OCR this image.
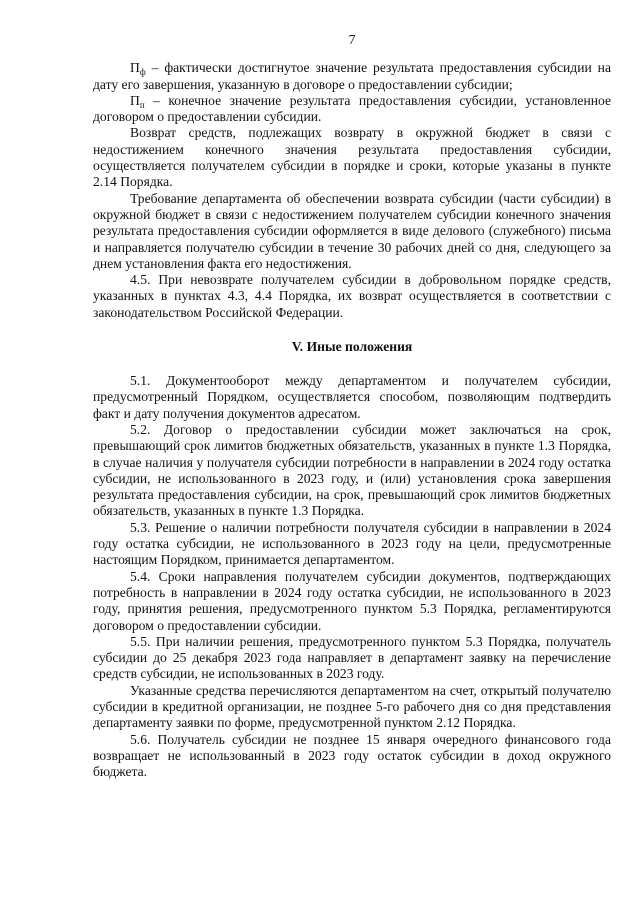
7

$П_ф$ – фактически достигнутое значение результата предоставления субсидии на дату его завершения, указанную в договоре о предоставлении субсидии;

$П_п$ – конечное значение результата предоставления субсидии, установленное договором о предоставлении субсидии.

Возврат средств, подлежащих возврату в окружной бюджет в связи с недостижением конечного значения результата предоставления субсидии, осуществляется получателем субсидии в порядке и сроки, которые указаны в пункте 2.14 Порядка.

Требование департамента об обеспечении возврата субсидии (части субсидии) в окружной бюджет в связи с недостижением получателем субсидии конечного значения результата предоставления субсидии оформляется в виде делового (служебного) письма и направляется получателю субсидии в течение 30 рабочих дней со дня, следующего за днем установления факта его недостижения.

4.5. При невозврате получателем субсидии в добровольном порядке средств, указанных в пунктах 4.3, 4.4 Порядка, их возврат осуществляется в соответствии с законодательством Российской Федерации.

V. Иные положения

5.1. Документооборот между департаментом и получателем субсидии, предусмотренный Порядком, осуществляется способом, позволяющим подтвердить факт и дату получения документов адресатом.

5.2. Договор о предоставлении субсидии может заключаться на срок, превышающий срок лимитов бюджетных обязательств, указанных в пункте 1.3 Порядка, в случае наличия у получателя субсидии потребности в направлении в 2024 году остатка субсидии, не использованного в 2023 году, и (или) установления срока завершения результата предоставления субсидии, на срок, превышающий срок лимитов бюджетных обязательств, указанных в пункте 1.3 Порядка.

5.3. Решение о наличии потребности получателя субсидии в направлении в 2024 году остатка субсидии, не использованного в 2023 году на цели, предусмотренные настоящим Порядком, принимается департаментом.

5.4. Сроки направления получателем субсидии документов, подтверждающих потребность в направлении в 2024 году остатка субсидии, не использованного в 2023 году, принятия решения, предусмотренного пунктом 5.3 Порядка, регламентируются договором о предоставлении субсидии.

5.5. При наличии решения, предусмотренного пунктом 5.3 Порядка, получатель субсидии до 25 декабря 2023 года направляет в департамент заявку на перечисление средств субсидии, не использованных в 2023 году.

Указанные средства перечисляются департаментом на счет, открытый получателю субсидии в кредитной организации, не позднее 5-го рабочего дня со дня представления департаменту заявки по форме, предусмотренной пунктом 2.12 Порядка.

5.6. Получатель субсидии не позднее 15 января очередного финансового года возвращает не использованный в 2023 году остаток субсидии в доход окружного бюджета.
